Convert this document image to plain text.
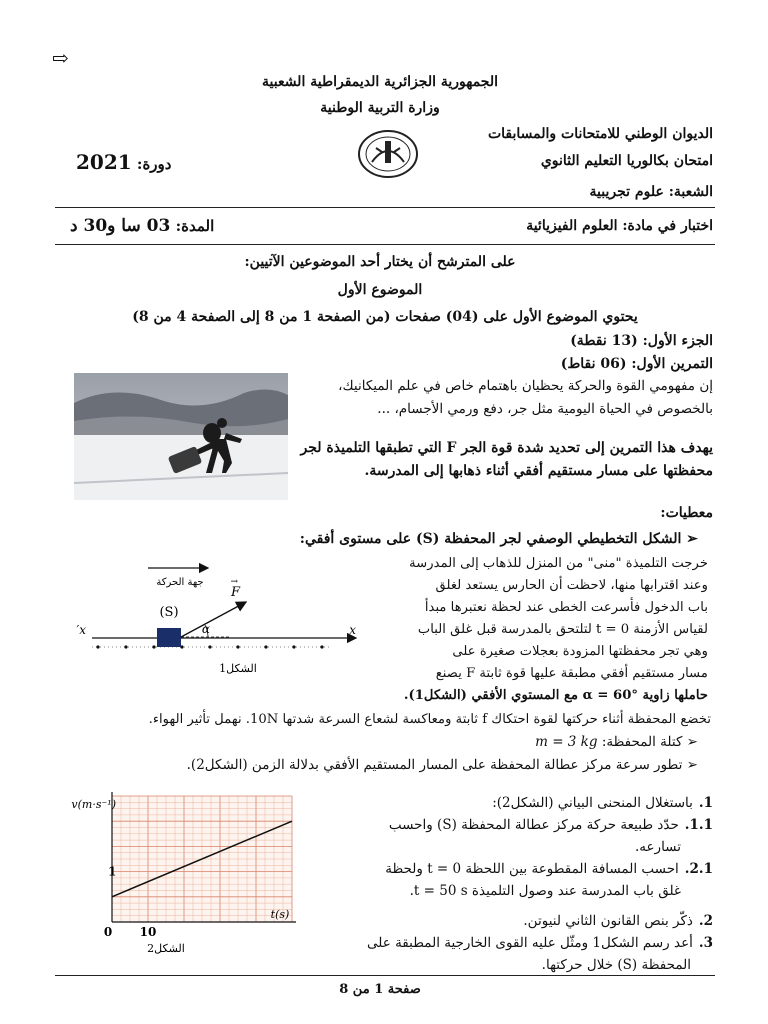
⇨
الجمهورية الجزائرية الديمقراطية الشعبية
وزارة التربية الوطنية
الديوان الوطني للامتحانات والمسابقات
امتحان بكالوريا التعليم الثانوي
الشعبة: علوم تجريبية
دورة: 2021
اختبار في مادة: العلوم الفيزيائية
المدة: 03 سا و30 د
على المترشح أن يختار أحد الموضوعين الآتيين:
الموضوع الأول
يحتوي الموضوع الأول على (04) صفحات (من الصفحة 1 من 8 إلى الصفحة 4 من 8)
الجزء الأول: (13 نقطة)
التمرين الأول: (06 نقاط)
إن مفهومي القوة والحركة يحظيان باهتمام خاص في علم الميكانيك،
بالخصوص في الحياة اليومية مثل جر، دفع ورمي الأجسام، ...
يهدف هذا التمرين إلى تحديد شدة قوة الجر F التي تطبقها التلميذة لجر
محفظتها على مسار مستقيم أفقي أثناء ذهابها إلى المدرسة.
معطيات:
➢ الشكل التخطيطي الوصفي لجر المحفظة (S) على مستوى أفقي:
خرجت التلميذة "منى" من المنزل للذهاب إلى المدرسة
وعند اقترابها منها، لاحظت أن الحارس يستعد لغلق
باب الدخول فأسرعت الخطى عند لحظة نعتبرها مبدأ
لقياس الأزمنة t = 0 لتلتحق بالمدرسة قبل غلق الباب
وهي تجر محفظتها المزودة بعجلات صغيرة على
مسار مستقيم أفقي مطبقة عليها قوة ثابتة F يصنع
حاملها زاوية α = 60° مع المستوي الأفقي (الشكل1).
جهة الحركة
(S)
F
→
α	x
x′
الشكل1
تخضع المحفظة أثناء حركتها لقوة احتكاك f ثابتة ومعاكسة لشعاع السرعة شدتها 10N. نهمل تأثير الهواء.
➢ كتلة المحفظة: m = 3 kg
➢ تطور سرعة مركز عطالة المحفظة على المسار المستقيم الأفقي بدلالة الزمن (الشكل2).
0 10
1
t(s)
v(m·s⁻¹)
الشكل2
1.باستغلال المنحنى البياني (الشكل2):
1.1.حدّد طبيعة حركة مركز عطالة المحفظة (S) واحسب
تسارعه.
2.1.احسب المسافة المقطوعة بين اللحظة t = 0 ولحظة
غلق باب المدرسة عند وصول التلميذة t = 50 s.
2.ذكّر بنص القانون الثاني لنيوتن.
3.أعد رسم الشكل1 ومثّل عليه القوى الخارجية المطبقة على
المحفظة (S) خلال حركتها.
صفحة 1 من 8
